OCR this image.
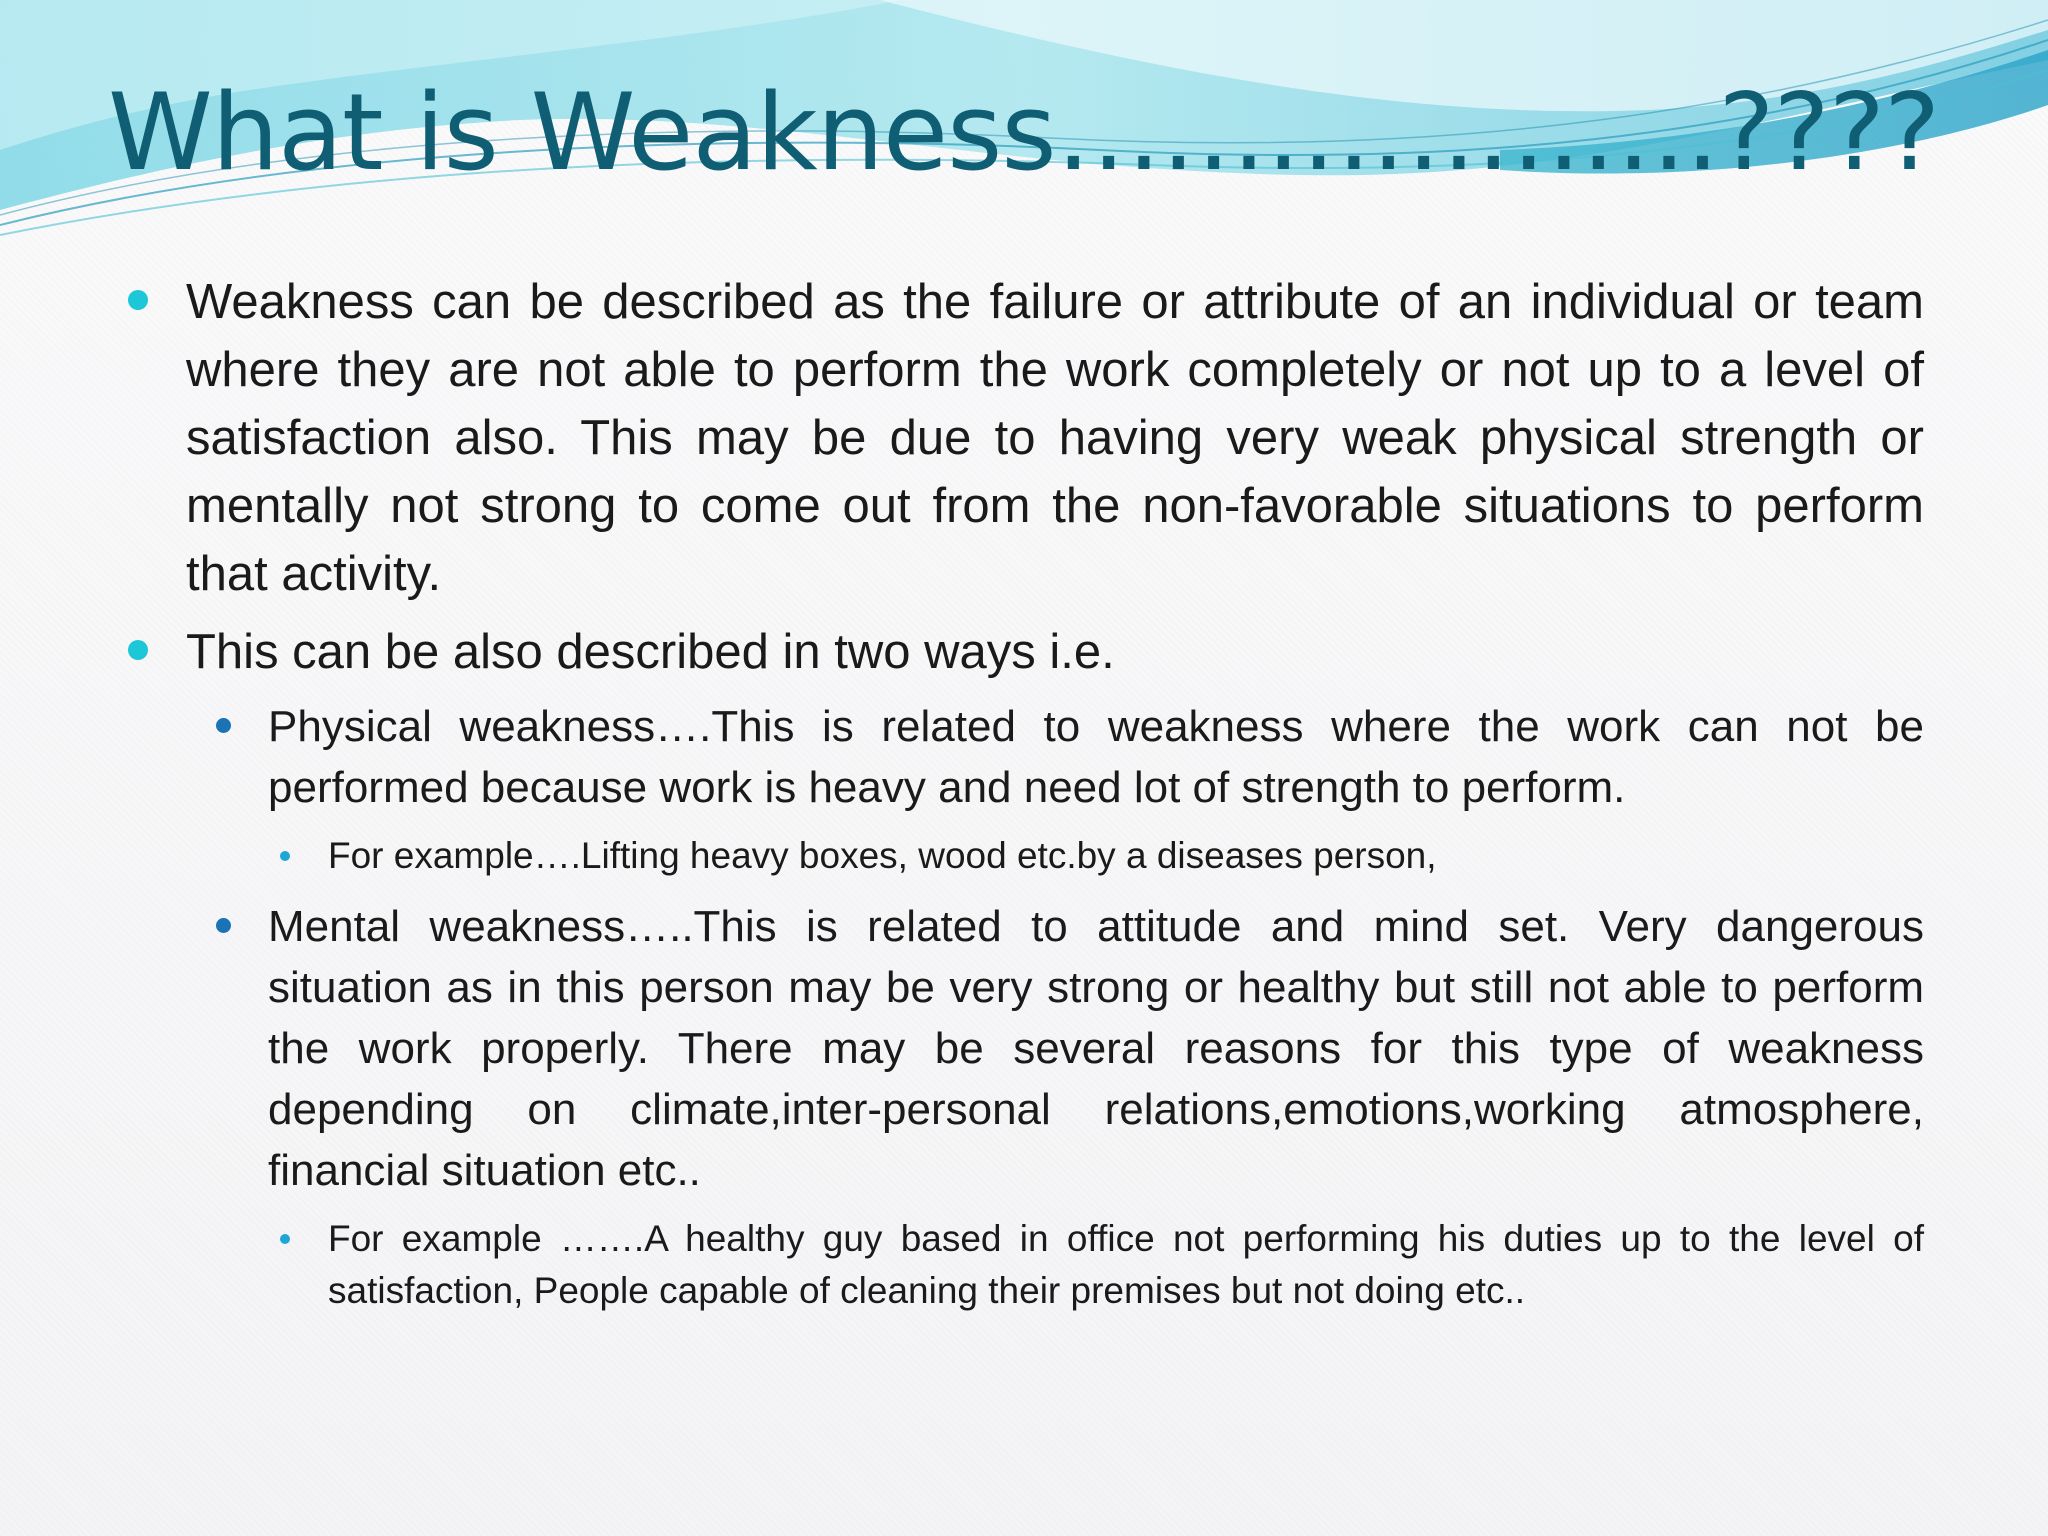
What is Weakness……………….????
Weakness can be described as the failure or attribute of an individual or team where they are not able to perform the work completely or not up to a level of satisfaction also. This may be due to having very weak physical strength or mentally not strong to come out from the non-favorable situations to perform that activity.
This can be also described in two ways i.e.
Physical weakness….This is related to weakness where the work can not be performed because work is heavy and need lot of strength to perform.
For example….Lifting heavy boxes, wood etc.by a diseases person,
Mental weakness…..This is related to attitude and mind set. Very dangerous situation as in this person may be very strong or healthy but still not able to perform the work properly. There may be several reasons for this type of weakness depending on climate,inter-personal relations,emotions,working atmosphere, financial situation etc..
For example …….A healthy guy based in office not performing his duties up to the level of satisfaction, People capable of cleaning their premises but not doing etc..
